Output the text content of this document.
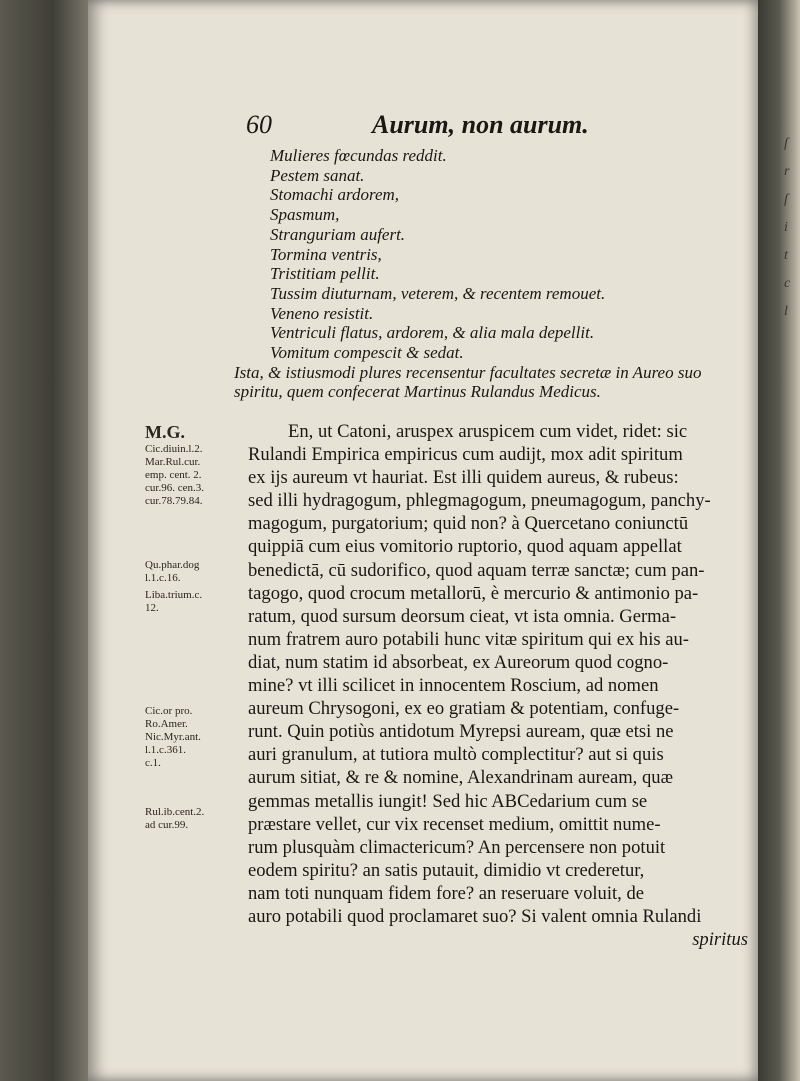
ſ
r
ſ
i
t
c
l
60	Aurum, non aurum.
Mulieres fœcundas reddit.
Pestem sanat.
Stomachi ardorem,
Spasmum,
Stranguriam aufert.
Tormina ventris,
Tristitiam pellit.
Tussim diuturnam, veterem, & recentem remouet.
Veneno resistit.
Ventriculi flatus, ardorem, & alia mala depellit.
Vomitum compescit & sedat.
Ista, & istiusmodi plures recensentur facultates secretæ in Aureo suo spiritu, quem confecerat Martinus Rulandus Medicus.
M.G.
Cic.diuin.l.2.
Mar.Rul.cur.
emp. cent. 2.
cur.96. cen.3.
cur.78.79.84.
Qu.phar.dog
l.1.c.16.
Liba.trium.c.
12.
Cic.or pro.
Ro.Amer.
Nic.Myr.ant.
l.1.c.361.
c.1.
Rul.ib.cent.2.
ad cur.99.
En, ut Catoni, aruspex aruspicem cum videt, ridet: sic
Rulandi Empirica empiricus cum audijt, mox adit spiritum
ex ijs aureum vt hauriat. Est illi quidem aureus, & rubeus:
sed illi hydragogum, phlegmagogum, pneumagogum, panchy-
magogum, purgatorium; quid non? à Quercetano coniunctū
quippiā cum eius vomitorio ruptorio, quod aquam appellat
benedictā, cū sudorifico, quod aquam terræ sanctæ; cum pan-
tagogo, quod crocum metallorū, è mercurio & antimonio pa-
ratum, quod sursum deorsum cieat, vt ista omnia. Germa-
num fratrem auro potabili hunc vitæ spiritum qui ex his au-
diat, num statim id absorbeat, ex Aureorum quod cogno-
mine? vt illi scilicet in innocentem Roscium, ad nomen
aureum Chrysogoni, ex eo gratiam & potentiam, confuge-
runt. Quin potiùs antidotum Myrepsi auream, quæ etsi ne
auri granulum, at tutiora multò complectitur? aut si quis
aurum sitiat, & re & nomine, Alexandrinam auream, quæ
gemmas metallis iungit! Sed hic ABCedarium cum se
præstare vellet, cur vix recenset medium, omittit nume-
rum plusquàm climactericum? An percensere non potuit
eodem spiritu? an satis putauit, dimidio vt crederetur,
nam toti nunquam fidem fore? an reseruare voluit, de
auro potabili quod proclamaret suo? Si valent omnia Rulandi
spiritus
